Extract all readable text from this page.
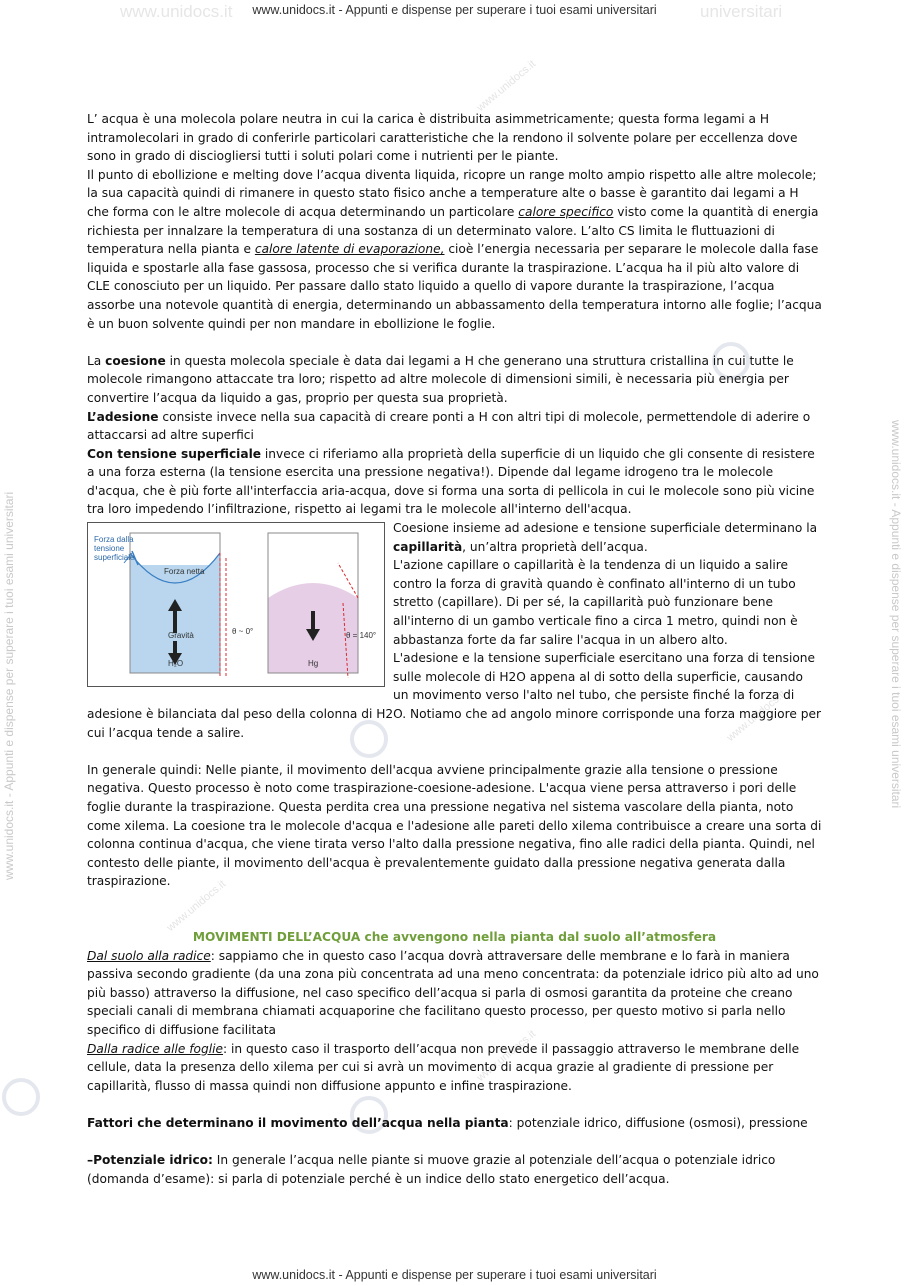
www.unidocs.it - Appunti e dispense per superare i tuoi esami universitari
www.unidocs.it	universitari
www.unidocs.it - Appunti e dispense per superare i tuoi esami universitari	www.unidocs.it - Appunti e dispense per superare i tuoi esami universitari
www.unidocs.it
www.unidocs.it
www.unidocs.it
www.unidocs.it

L’ acqua è una molecola polare neutra in cui la carica è distribuita asimmetricamente; questa forma legami a H intramolecolari in grado di conferirle particolari caratteristiche che la rendono il solvente polare per eccellenza dove sono in grado di disciogliersi tutti i soluti polari come i nutrienti per le piante.

Il punto di ebollizione e melting dove l’acqua diventa liquida, ricopre un range molto ampio rispetto alle altre molecole; la sua capacità quindi di rimanere in questo stato fisico anche a temperature alte o basse è garantito dai legami a H che forma con le altre molecole di acqua determinando un particolare calore specifico visto come la quantità di energia richiesta per innalzare la temperatura di una sostanza di un determinato valore. L’alto CS limita le fluttuazioni di temperatura nella pianta e calore latente di evaporazione, cioè l’energia necessaria per separare le molecole dalla fase liquida e spostarle alla fase gassosa, processo che si verifica durante la traspirazione. L’acqua ha il più alto valore di CLE conosciuto per un liquido. Per passare dallo stato liquido a quello di vapore durante la traspirazione, l’acqua assorbe una notevole quantità di energia, determinando un abbassamento della temperatura intorno alle foglie; l’acqua è un buon solvente quindi per non mandare in ebollizione le foglie.

La coesione in questa molecola speciale è data dai legami a H che generano una struttura cristallina in cui tutte le molecole rimangono attaccate tra loro; rispetto ad altre molecole di dimensioni simili, è necessaria più energia per convertire l’acqua da liquido a gas, proprio per questa sua proprietà.

L’adesione consiste invece nella sua capacità di creare ponti a H con altri tipi di molecole, permettendole di aderire o attaccarsi ad altre superfici

Con tensione superficiale invece ci riferiamo alla proprietà della superficie di un liquido che gli consente di resistere a una forza esterna (la tensione esercita una pressione negativa!). Dipende dal legame idrogeno tra le molecole d'acqua, che è più forte all'interfaccia aria-acqua, dove si forma una sorta di pellicola in cui le molecole sono più vicine tra loro impedendo l’infiltrazione, rispetto ai legami tra le molecole all'interno dell'acqua.

Forza dalla tensione superficiale
Forza netta
Gravità
H₂O	Hg
θ ~ 0°	θ = 140°

Coesione insieme ad adesione e tensione superficiale determinano la capillarità, un’altra proprietà dell’acqua.

L'azione capillare o capillarità è la tendenza di un liquido a salire contro la forza di gravità quando è confinato all'interno di un tubo stretto (capillare). Di per sé, la capillarità può funzionare bene all'interno di un gambo verticale fino a circa 1 metro, quindi non è abbastanza forte da far salire l'acqua in un albero alto.

L'adesione e la tensione superficiale esercitano una forza di tensione sulle molecole di H2O appena al di sotto della superficie, causando un movimento verso l'alto nel tubo, che persiste finché la forza di adesione è bilanciata dal peso della colonna di H2O. Notiamo che ad angolo minore corrisponde una forza maggiore per cui l’acqua tende a salire.

In generale quindi: Nelle piante, il movimento dell'acqua avviene principalmente grazie alla tensione o pressione negativa. Questo processo è noto come traspirazione-coesione-adesione. L'acqua viene persa attraverso i pori delle foglie durante la traspirazione. Questa perdita crea una pressione negativa nel sistema vascolare della pianta, noto come xilema. La coesione tra le molecole d'acqua e l'adesione alle pareti dello xilema contribuisce a creare una sorta di colonna continua d'acqua, che viene tirata verso l'alto dalla pressione negativa, fino alle radici della pianta. Quindi, nel contesto delle piante, il movimento dell'acqua è prevalentemente guidato dalla pressione negativa generata dalla traspirazione.

MOVIMENTI DELL’ACQUA che avvengono nella pianta dal suolo all’atmosfera

Dal suolo alla radice: sappiamo che in questo caso l’acqua dovrà attraversare delle membrane e lo farà in maniera passiva secondo gradiente (da una zona più concentrata ad una meno concentrata: da potenziale idrico più alto ad uno più basso) attraverso la diffusione, nel caso specifico dell’acqua si parla di osmosi garantita da proteine che creano speciali canali di membrana chiamati acquaporine che facilitano questo processo, per questo motivo si parla nello specifico di diffusione facilitata

Dalla radice alle foglie: in questo caso il trasporto dell’acqua non prevede il passaggio attraverso le membrane delle cellule, data la presenza dello xilema per cui si avrà un movimento di acqua grazie al gradiente di pressione per capillarità, flusso di massa quindi non diffusione appunto e infine traspirazione.

Fattori che determinano il movimento dell’acqua nella pianta: potenziale idrico, diffusione (osmosi), pressione

–Potenziale idrico: In generale l’acqua nelle piante si muove grazie al potenziale dell’acqua o potenziale idrico (domanda d’esame): si parla di potenziale perché è un indice dello stato energetico dell’acqua.

www.unidocs.it - Appunti e dispense per superare i tuoi esami universitari
